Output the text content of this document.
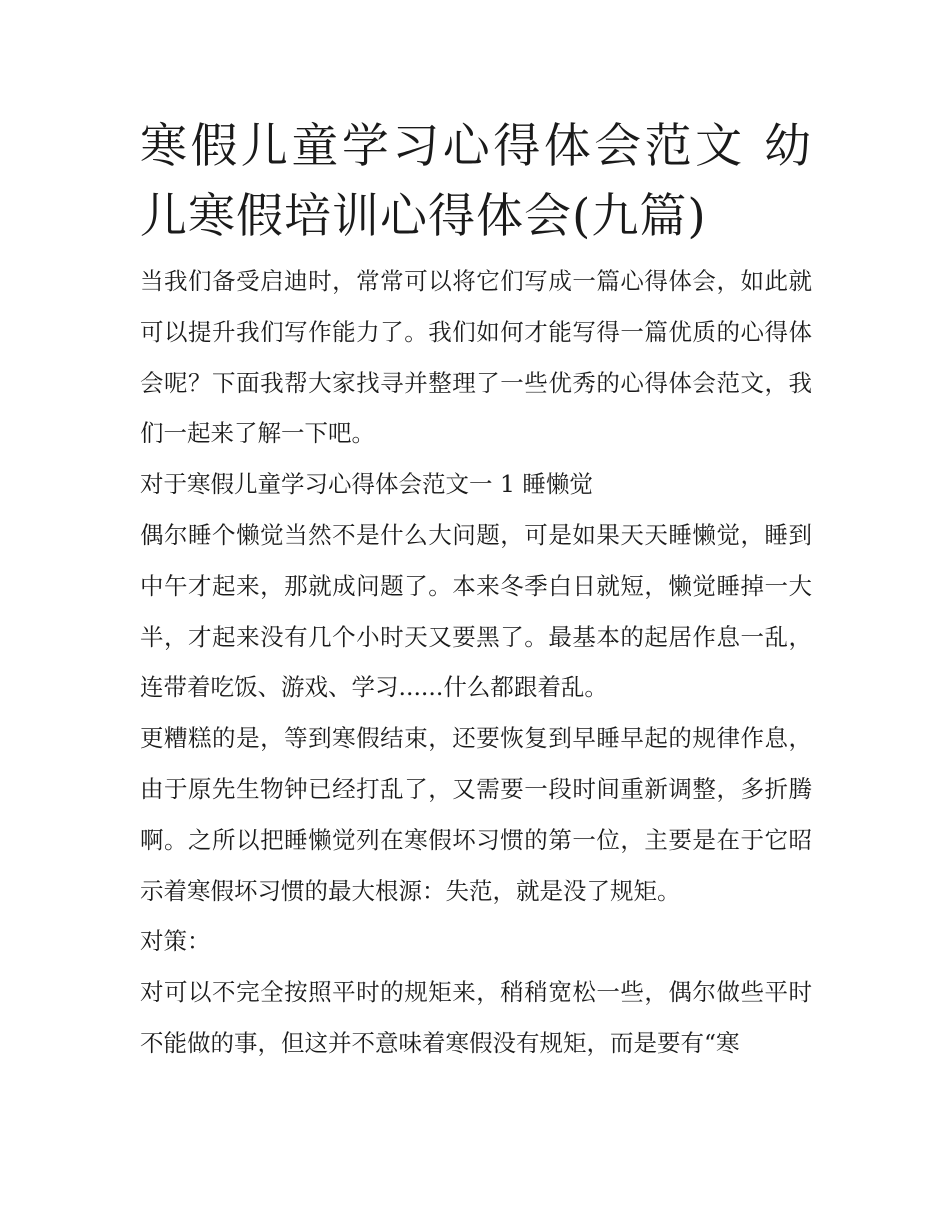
寒假儿童学习心得体会范文 幼儿寒假培训心得体会(九篇)

当我们备受启迪时，常常可以将它们写成一篇心得体会，如此就可以提升我们写作能力了。我们如何才能写得一篇优质的心得体会呢？下面我帮大家找寻并整理了一些优秀的心得体会范文，我们一起来了解一下吧。

对于寒假儿童学习心得体会范文一 1 睡懒觉

偶尔睡个懒觉当然不是什么大问题，可是如果天天睡懒觉，睡到中午才起来，那就成问题了。本来冬季白日就短，懒觉睡掉一大半，才起来没有几个小时天又要黑了。最基本的起居作息一乱，连带着吃饭、游戏、学习......什么都跟着乱。

更糟糕的是，等到寒假结束，还要恢复到早睡早起的规律作息，由于原先生物钟已经打乱了，又需要一段时间重新调整，多折腾啊。之所以把睡懒觉列在寒假坏习惯的第一位，主要是在于它昭示着寒假坏习惯的最大根源：失范，就是没了规矩。

对策：

对可以不完全按照平时的规矩来，稍稍宽松一些，偶尔做些平时不能做的事，但这并不意味着寒假没有规矩，而是要有“寒
